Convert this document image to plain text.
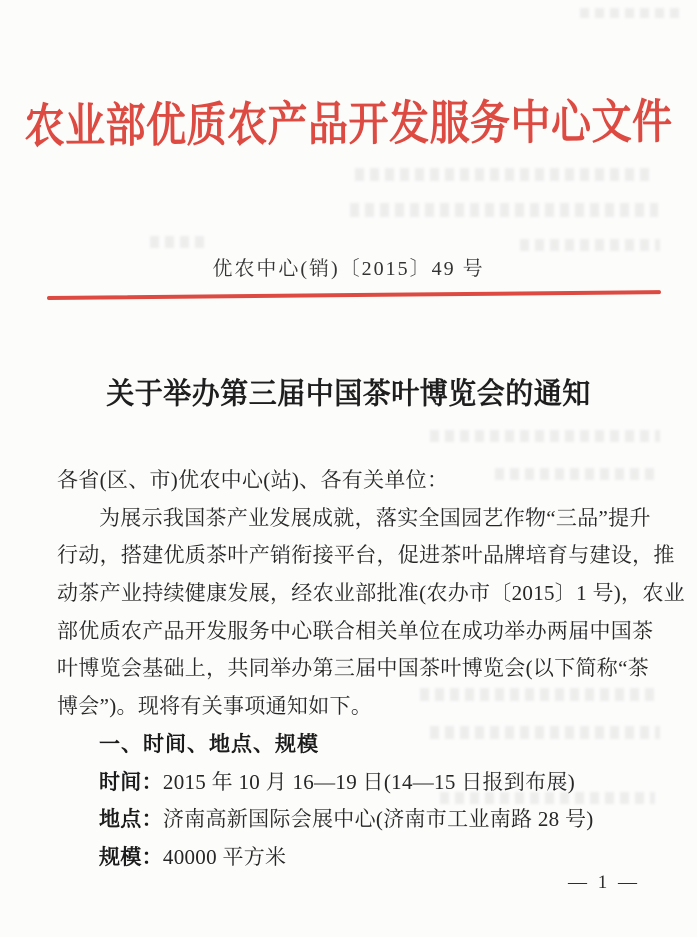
农业部优质农产品开发服务中心文件
优农中心(销)〔2015〕49 号
关于举办第三届中国茶叶博览会的通知
各省(区、市)优农中心(站)、各有关单位：
为展示我国茶产业发展成就，落实全国园艺作物“三品”提升
行动，搭建优质茶叶产销衔接平台，促进茶叶品牌培育与建设，推
动茶产业持续健康发展，经农业部批准(农办市〔2015〕1 号)，农业
部优质农产品开发服务中心联合相关单位在成功举办两届中国茶
叶博览会基础上，共同举办第三届中国茶叶博览会(以下简称“茶
博会”)。现将有关事项通知如下。
一、时间、地点、规模
时间：2015 年 10 月 16—19 日(14—15 日报到布展)
地点：济南高新国际会展中心(济南市工业南路 28 号)
规模：40000 平方米
— 1 —
